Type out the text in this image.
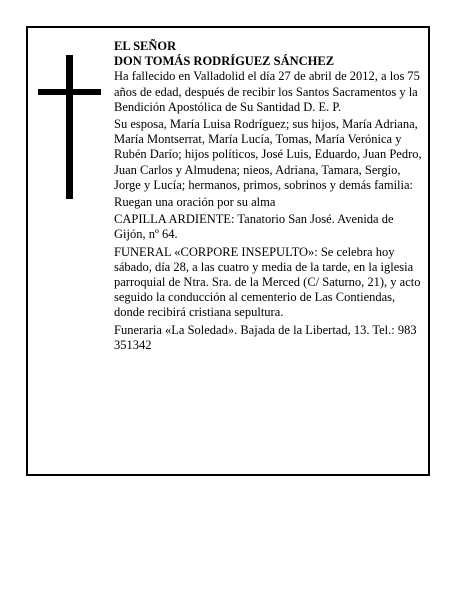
EL SEÑOR

DON TOMÁS RODRÍGUEZ SÁNCHEZ

Ha fallecido en Valladolid el día 27 de abril de 2012, a los 75 años de edad, después de recibir los Santos Sacramentos y la Bendición Apostólica de Su Santidad D. E. P.

Su esposa, María Luisa Rodríguez; sus hijos, María Adriana, María Montserrat, María Lucía, Tomas, María Verónica y Rubén Darío; hijos políticos, José Luis, Eduardo, Juan Pedro, Juan Carlos y Almudena; nieos, Adriana, Tamara, Sergio, Jorge y Lucía; hermanos, primos, sobrinos y demás familia:

Ruegan una oración por su alma

CAPILLA ARDIENTE: Tanatorio San José. Avenida de Gijón, nº 64.

FUNERAL «CORPORE INSEPULTO»: Se celebra hoy sábado, día 28, a las cuatro y media de la tarde, en la iglesia parroquial de Ntra. Sra. de la Merced (C/ Saturno, 21), y acto seguido la conducción al cementerio de Las Contiendas, donde recibirá cristiana sepultura.

Funeraria «La Soledad». Bajada de la Libertad, 13. Tel.: 983 351342
